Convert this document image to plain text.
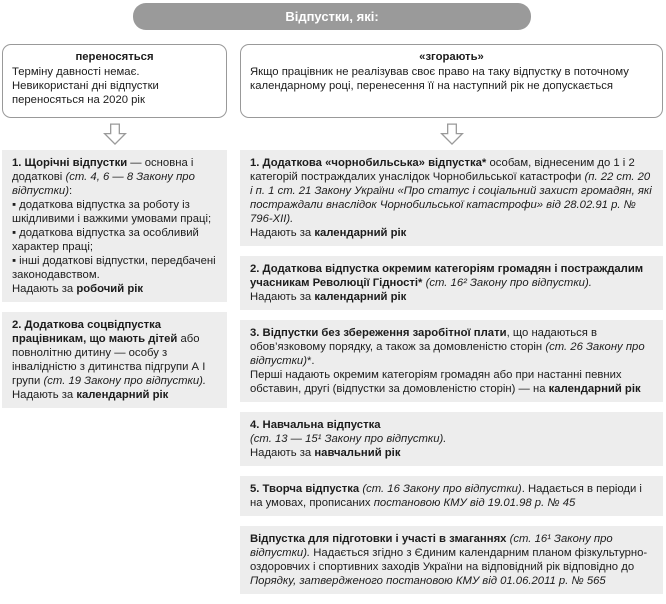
Відпустки, які:

переносяться

Терміну давності немає. Невикористані дні відпустки переносяться на 2020 рік

1. Щорічні відпустки — основна і додаткові (ст. 4, 6 — 8 Закону про відпустки):

▪ додаткова відпустка за роботу із шкідливими і важкими умовами праці;

▪ додаткова відпустка за особливий характер праці;

▪ інші додаткові відпустки, передбачені законодавством.

Надають за робочий рік

2. Додаткова соцвідпустка працівникам, що мають дітей або повнолітню дитину — особу з інвалідністю з дитинства підгрупи А І групи (ст. 19 Закону про відпустки).

Надають за календарний рік

«згорають»

Якщо працівник не реалізував своє право на таку відпустку в поточному календарному році, перенесення її на наступний рік не допускається

1. Додаткова «чорнобильська» відпустка* особам, віднесеним до 1 і 2 категорій постраждалих унаслідок Чорнобильської катастрофи (п. 22 ст. 20 і п. 1 ст. 21 Закону України «Про статус і соціальний захист громадян, які постраждали внаслідок Чорнобильської катастрофи» від 28.02.91 р. № 796-XII).

Надають за календарний рік

2. Додаткова відпустка окремим категоріям громадян і постраждалим учасникам Революції Гідності* (ст. 16² Закону про відпустки).

Надають за календарний рік

3. Відпустки без збереження заробітної плати, що надаються в обов’язковому порядку, а також за домовленістю сторін (ст. 26 Закону про відпустки)*.

Перші надають окремим категоріям громадян або при настанні певних обставин, другі (відпустки за домовленістю сторін) — на календарний рік

4. Навчальна відпустка

(ст. 13 — 15¹ Закону про відпустки).

Надають за навчальний рік

5. Творча відпустка (ст. 16 Закону про відпустки). Надається в періоди і на умовах, прописаних постановою КМУ від 19.01.98 р. № 45

Відпустка для підготовки і участі в змаганнях (ст. 16¹ Закону про відпустки). Надається згідно з Єдиним календарним планом фізкультурно-оздоровчих і спортивних заходів України на відповідний рік відповідно до Порядку, затвердженого постановою КМУ від 01.06.2011 р. № 565
